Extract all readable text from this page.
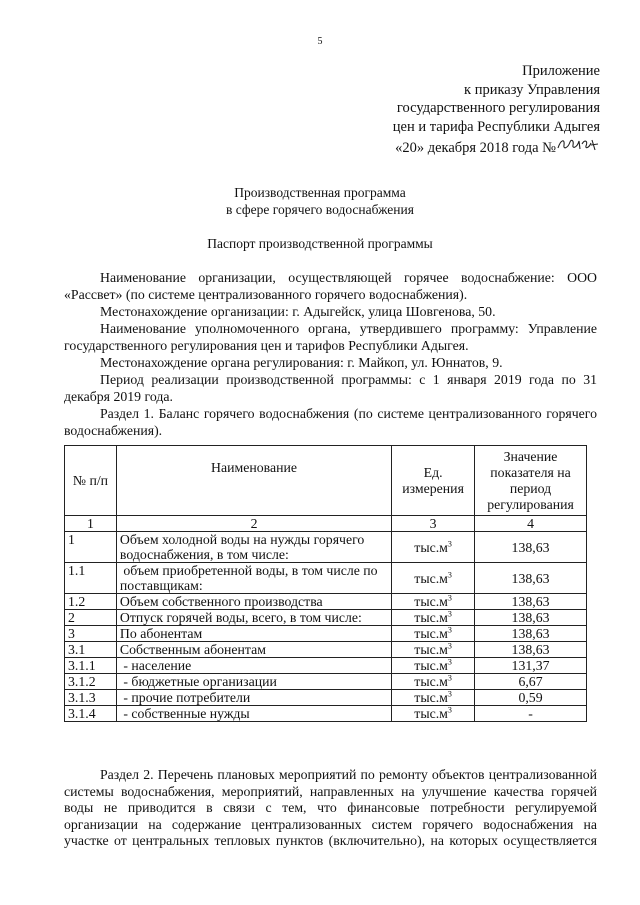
5
Приложение
к приказу Управления
государственного регулирования
цен и тарифа Республики Адыгея
«20» декабря 2018 года №
Производственная программа
в сфере горячего водоснабжения
Паспорт производственной программы

Наименование организации, осуществляющей горячее водоснабжение: ООО «Рассвет» (по системе централизованного горячего водоснабжения).

Местонахождение организации: г. Адыгейск, улица Шовгенова, 50.

Наименование уполномоченного органа, утвердившего программу: Управление государственного регулирования цен и тарифов Республики Адыгея.

Местонахождение органа регулирования: г. Майкоп, ул. Юннатов, 9.

Период реализации производственной программы: с 1 января 2019 года по 31 декабря 2019 года.

Раздел 1. Баланс горячего водоснабжения (по системе централизованного горячего водоснабжения).

№ п/п	Наименование	Ед. измерения	Значение показателя на период регулирования
1	2	3	4
1	Объем холодной воды на нужды горячего водоснабжения, в том числе:	$тыс.м^3$	138,63
1.1	объем приобретенной воды, в том числе по поставщикам:	$тыс.м^3$	138,63
1.2	Объем собственного производства	$тыс.м^3$	138,63
2	Отпуск горячей воды, всего, в том числе:	$тыс.м^3$	138,63
3	По абонентам	$тыс.м^3$	138,63
3.1	Собственным абонентам	$тыс.м^3$	138,63
3.1.1	- население	$тыс.м^3$	131,37
3.1.2	- бюджетные организации	$тыс.м^3$	6,67
3.1.3	- прочие потребители	$тыс.м^3$	0,59
3.1.4	- собственные нужды	$тыс.м^3$	-

Раздел 2. Перечень плановых мероприятий по ремонту объектов централизованной системы водоснабжения, мероприятий, направленных на улучшение качества горячей воды не приводится в связи с тем, что финансовые потребности регулируемой организации на содержание централизованных систем горячего водоснабжения на участке от центральных тепловых пунктов (включительно), на которых осуществляется
